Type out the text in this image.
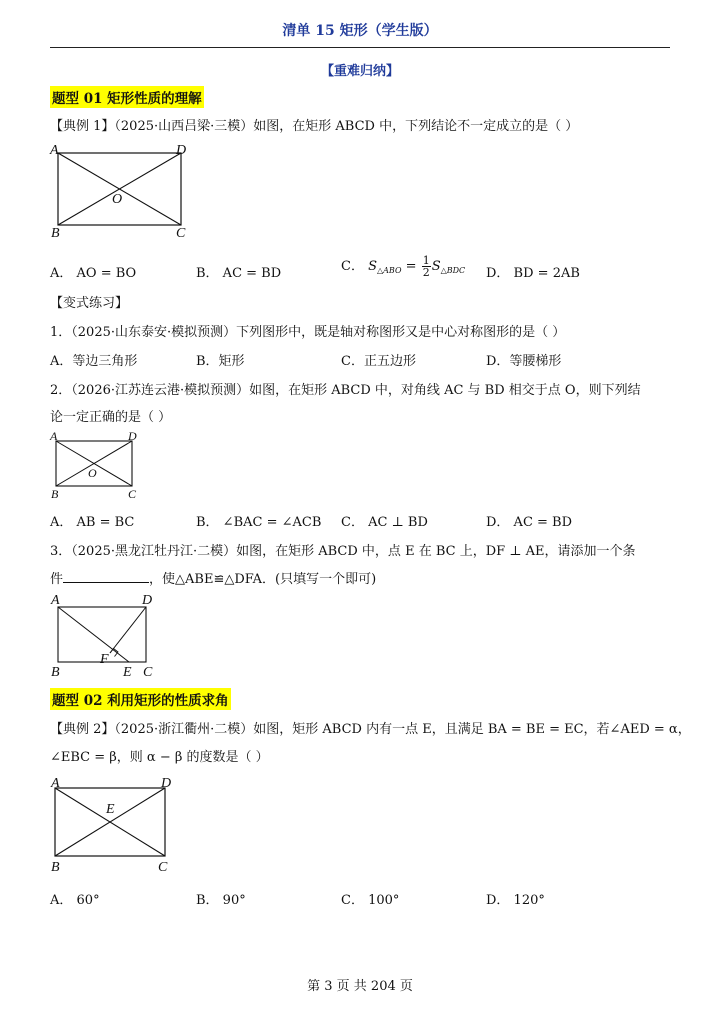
清单 15 矩形（学生版）
【重难归纳】
题型 01 矩形性质的理解
【典例 1】（2025·山西吕梁·三模）如图，在矩形 ABCD 中，下列结论不一定成立的是（ ）
A	D
O
B	C
A． AO = BO	B． AC = BD	C． $S_{\triangle ABO} = \frac{1}{2} S_{\triangle BDC}$ D． BD = 2AB
【变式练习】
1．（2025·山东泰安·模拟预测）下列图形中，既是轴对称图形又是中心对称图形的是（ ）
A．等边三角形	B．矩形	C．正五边形	D．等腰梯形
2．（2026·江苏连云港·模拟预测）如图，在矩形 ABCD 中，对角线 AC 与 BD 相交于点 O，则下列结
论一定正确的是（ ）
A	D
O
B	C
A． AB = BC	B． ∠BAC = ∠ACB C． AC ⊥ BD	D． AC = BD
3．（2025·黑龙江牡丹江·二模）如图，在矩形 ABCD 中，点 E 在 BC 上，DF ⊥ AE，请添加一个条
件	，使△ABE≌△DFA．(只填写一个即可)
A	D
B
F
E C
题型 02 利用矩形的性质求角
【典例 2】（2025·浙江衢州·二模）如图，矩形 ABCD 内有一点 E，且满足 BA = BE = EC，若∠AED = α，
∠EBC = β，则 α − β 的度数是（ ）
A	D
E
B	C
A． 60°	B． 90°	C． 100°	D． 120°
第 3 页 共 204 页
